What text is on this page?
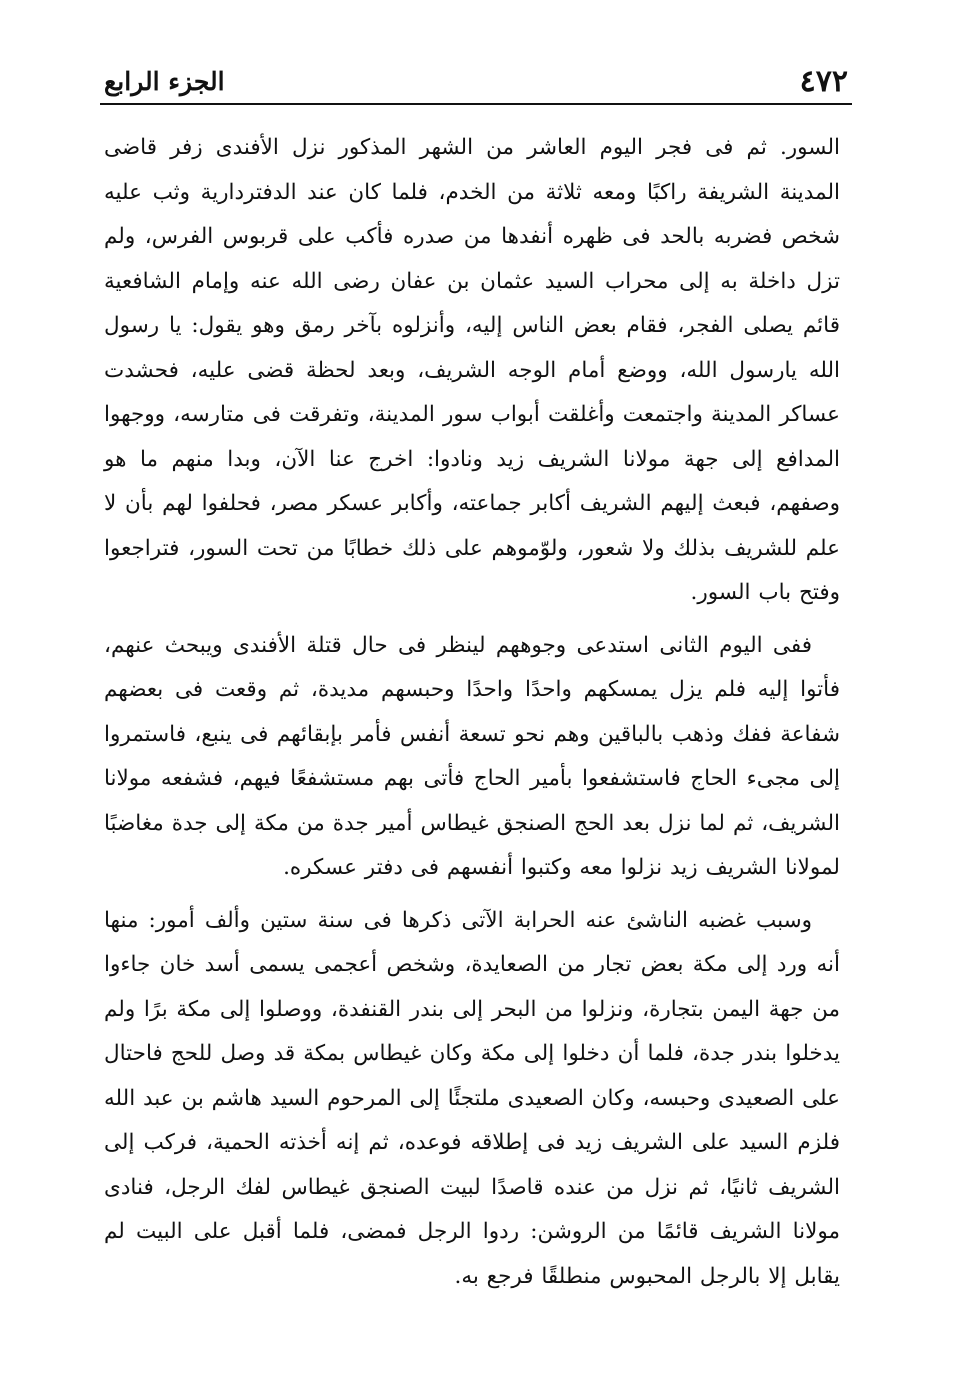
٤٧٢
الجزء الرابع

السور. ثم فى فجر اليوم العاشر من الشهر المذكور نزل الأفندى زفر قاضى المدينة الشريفة راكبًا ومعه ثلاثة من الخدم، فلما كان عند الدفتردارية وثب عليه شخص فضربه بالحد فى ظهره أنفدها من صدره فأكب على قربوس الفرس، ولم تزل داخلة به إلى محراب السيد عثمان بن عفان رضى الله عنه وإمام الشافعية قائم يصلى الفجر، فقام بعض الناس إليه، وأنزلوه بآخر رمق وهو يقول: يا رسول الله يارسول الله، ووضع أمام الوجه الشريف، وبعد لحظة قضى عليه، فحشدت عساكر المدينة واجتمعت وأغلقت أبواب سور المدينة، وتفرقت فى متارسه، ووجهوا المدافع إلى جهة مولانا الشريف زيد ونادوا: اخرج عنا الآن، وبدا منهم ما هو وصفهم، فبعث إليهم الشريف أكابر جماعته، وأكابر عسكر مصر، فحلفوا لهم بأن لا علم للشريف بذلك ولا شعور، ولوّموهم على ذلك خطابًا من تحت السور، فتراجعوا وفتح باب السور.

ففى اليوم الثانى استدعى وجوههم لينظر فى حال قتلة الأفندى ويبحث عنهم، فأتوا إليه فلم يزل يمسكهم واحدًا واحدًا وحبسهم مديدة، ثم وقعت فى بعضهم شفاعة ففك وذهب بالباقين وهم نحو تسعة أنفس فأمر بإبقائهم فى ينبع، فاستمروا إلى مجىء الحاج فاستشفعوا بأمير الحاج فأتى بهم مستشفعًا فيهم، فشفعه مولانا الشريف، ثم لما نزل بعد الحج الصنجق غيطاس أمير جدة من مكة إلى جدة مغاضبًا لمولانا الشريف زيد نزلوا معه وكتبوا أنفسهم فى دفتر عسكره.

وسبب غضبه الناشئ عنه الحرابة الآتى ذكرها فى سنة ستين وألف أمور: منها أنه ورد إلى مكة بعض تجار من الصعايدة، وشخص أعجمى يسمى أسد خان جاءوا من جهة اليمن بتجارة، ونزلوا من البحر إلى بندر القنفدة، ووصلوا إلى مكة برًا ولم يدخلوا بندر جدة، فلما أن دخلوا إلى مكة وكان غيطاس بمكة قد وصل للحج فاحتال على الصعيدى وحبسه، وكان الصعيدى ملتجئًا إلى المرحوم السيد هاشم بن عبد الله فلزم السيد على الشريف زيد فى إطلاقه فوعده، ثم إنه أخذته الحمية، فركب إلى الشريف ثانيًا، ثم نزل من عنده قاصدًا لبيت الصنجق غيطاس لفك الرجل، فنادى مولانا الشريف قائمًا من الروشن: ردوا الرجل فمضى، فلما أقبل على البيت لم يقابل إلا بالرجل المحبوس منطلقًا فرجع به.
